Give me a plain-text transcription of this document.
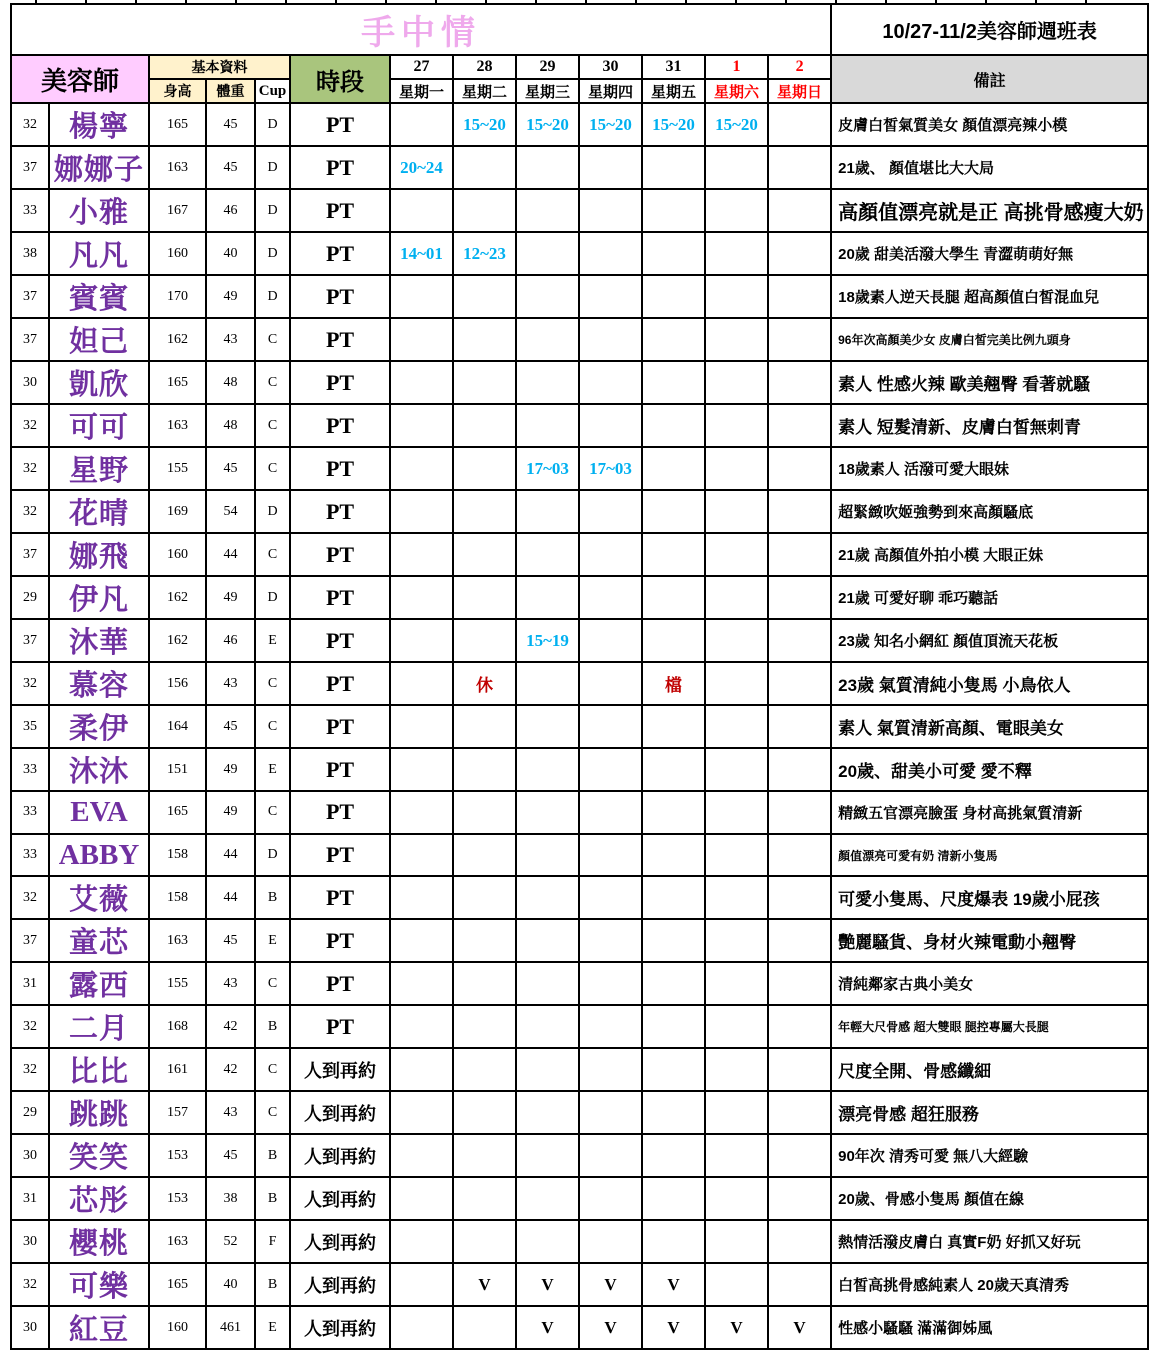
手中情													10/27-11/2美容師週班表
美容師		基本資料			時段	27	28	29	30	31	1	2	備註
		身高	體重	Cup		星期一	星期二	星期三	星期四	星期五	星期六	星期日	
32	楊寧	165	45	D	PT		15~20	15~20	15~20	15~20	15~20		皮膚白皙氣質美女 顏值漂亮辣小模
37	娜娜子	163	45	D	PT	20~24							21歲、 顏值堪比大大局
33	小雅	167	46	D	PT								高顏值漂亮就是正 高挑骨感瘦大奶
38	凡凡	160	40	D	PT	14~01	12~23						20歲 甜美活潑大學生 青澀萌萌好無
37	賓賓	170	49	D	PT								18歲素人逆天長腿 超高顏值白皙混血兒
37	妲己	162	43	C	PT								96年次高顏美少女 皮膚白皙完美比例九頭身
30	凱欣	165	48	C	PT								素人 性感火辣 歐美翹臀 看著就騷
32	可可	163	48	C	PT								素人 短髮清新、皮膚白皙無刺青
32	星野	155	45	C	PT			17~03	17~03				18歲素人 活潑可愛大眼妹
32	花晴	169	54	D	PT								超緊緻吹姬強勢到來高顏騷底
37	娜飛	160	44	C	PT								21歲 高顏值外拍小模 大眼正妹
29	伊凡	162	49	D	PT								21歲 可愛好聊 乖巧聽話
37	沐華	162	46	E	PT			15~19					23歲 知名小網紅 顏值頂流天花板
32	慕容	156	43	C	PT		休			檔			23歲 氣質清純小隻馬 小鳥依人
35	柔伊	164	45	C	PT								素人 氣質清新高顏、電眼美女
33	沐沐	151	49	E	PT								20歲、甜美小可愛 愛不釋
33	EVA	165	49	C	PT								精緻五官漂亮臉蛋 身材高挑氣質清新
33	ABBY	158	44	D	PT								顏值漂亮可愛有奶 清新小隻馬
32	艾薇	158	44	B	PT								可愛小隻馬、尺度爆表 19歲小屁孩
37	童芯	163	45	E	PT								艷麗騷貨、身材火辣電動小翹臀
31	露西	155	43	C	PT								清純鄰家古典小美女
32	二月	168	42	B	PT								年輕大尺骨感 超大雙眼 腿控專屬大長腿
32	比比	161	42	C	人到再約								尺度全開、骨感纖細
29	跳跳	157	43	C	人到再約								漂亮骨感 超狂服務
30	笑笑	153	45	B	人到再約								90年次 清秀可愛 無八大經驗
31	芯彤	153	38	B	人到再約								20歲、骨感小隻馬 顏值在線
30	櫻桃	163	52	F	人到再約								熱情活潑皮膚白 真實F奶 好抓又好玩
32	可樂	165	40	B	人到再約		V	V	V	V			白皙高挑骨感純素人 20歲天真清秀
30	紅豆	160	461	E	人到再約			V	V	V	V	V	性感小騷騷 滿滿御姊風
